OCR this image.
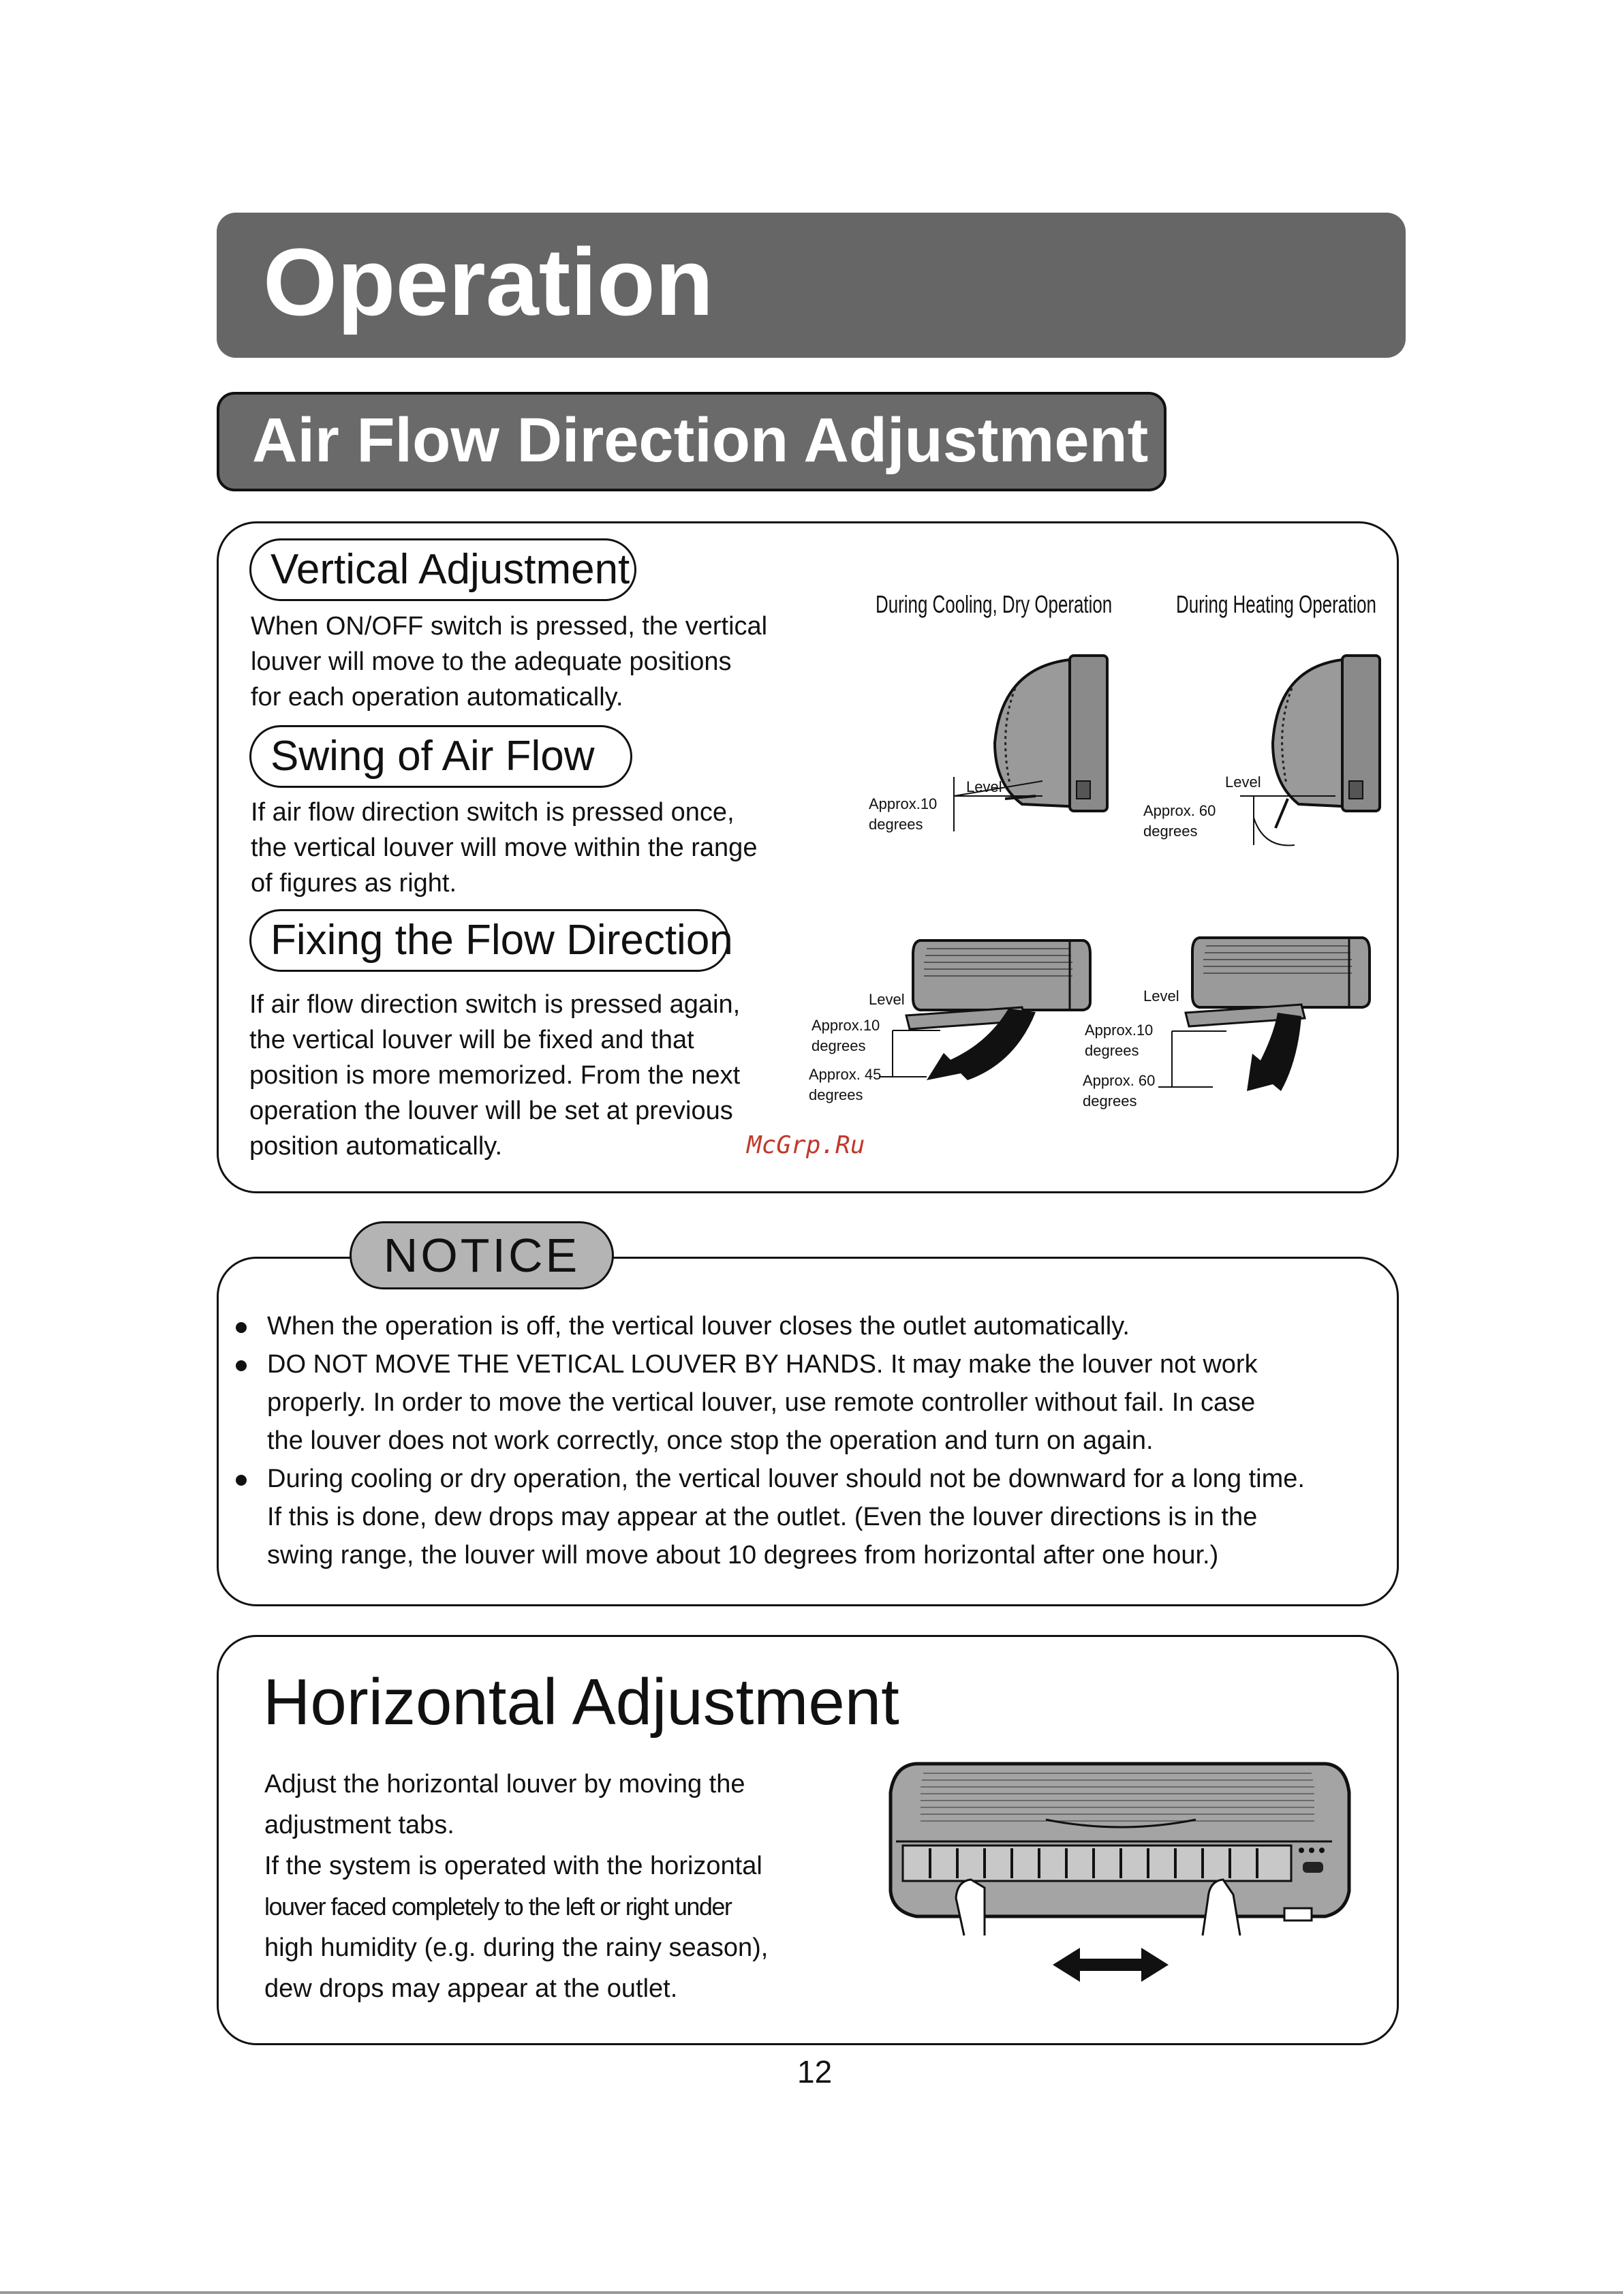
Operation
Air Flow Direction Adjustment
Vertical Adjustment
When ON/OFF switch is pressed, the vertical
louver will move to the adequate positions
for each operation automatically.
Swing of Air Flow
If air flow direction switch is pressed once,
the vertical louver will move within the range
of figures as right.
Fixing the Flow Direction
If air flow direction switch is pressed again,
the vertical louver will be fixed and that
position is more memorized. From the next
operation the louver will be set at previous
position automatically.
During Cooling, Dry Operation	During Heating Operation
Approx.10
degrees
Level
Approx. 60
degrees
Level
Level
Approx.10
degrees
Approx. 45
degrees
Level
Approx.10
degrees
Approx. 60
degrees
McGrp.Ru
NOTICE
When the operation is off, the vertical louver closes the outlet automatically.
DO NOT MOVE THE VETICAL LOUVER BY HANDS. It may make the louver not work
properly. In order to move the vertical louver, use remote controller without fail. In case
the louver does not work correctly, once stop the operation and turn on again.
During cooling or dry operation, the vertical louver should not be downward for a long time.
If this is done, dew drops may appear at the outlet. (Even the louver directions is in the
swing range, the louver will move about 10 degrees from horizontal after one hour.)
Horizontal Adjustment
Adjust the horizontal louver by moving the
adjustment tabs.
If the system is operated with the horizontal
louver faced completely to the left or right under
high humidity (e.g. during the rainy season),
dew drops may appear at the outlet.
12
